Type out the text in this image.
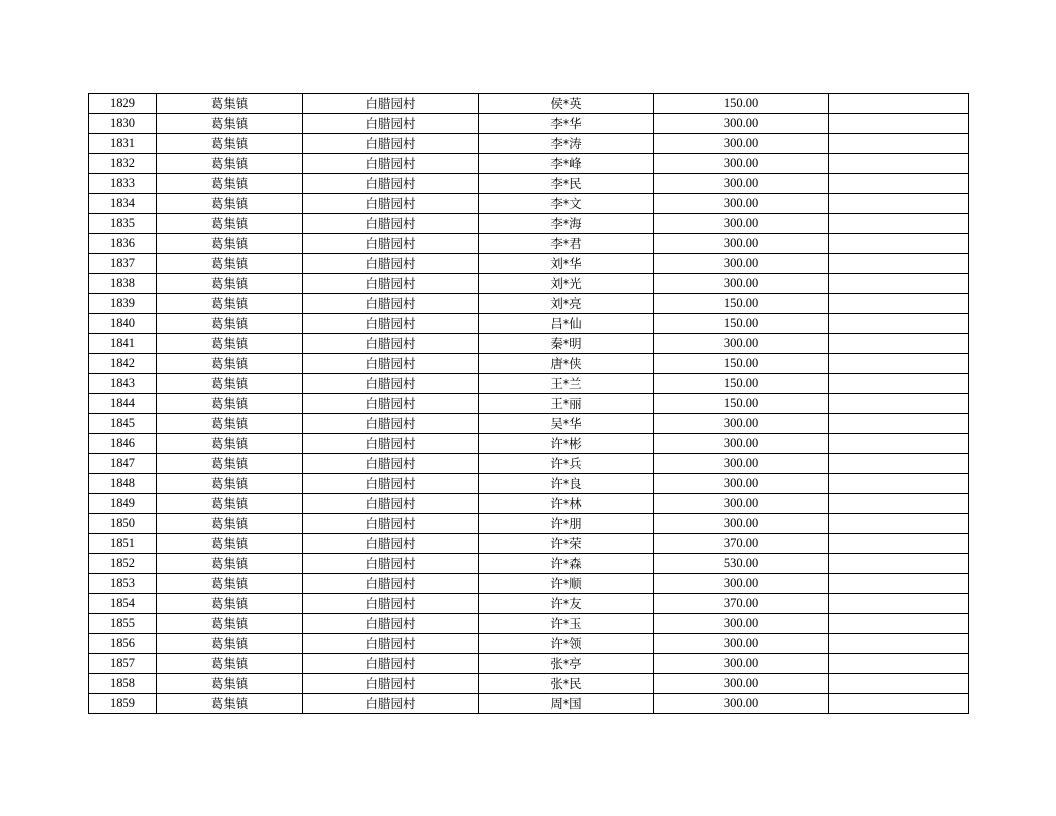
1829	葛集镇	白腊园村	侯*英	150.00	
1830	葛集镇	白腊园村	李*华	300.00	
1831	葛集镇	白腊园村	李*涛	300.00	
1832	葛集镇	白腊园村	李*峰	300.00	
1833	葛集镇	白腊园村	李*民	300.00	
1834	葛集镇	白腊园村	李*文	300.00	
1835	葛集镇	白腊园村	李*海	300.00	
1836	葛集镇	白腊园村	李*君	300.00	
1837	葛集镇	白腊园村	刘*华	300.00	
1838	葛集镇	白腊园村	刘*光	300.00	
1839	葛集镇	白腊园村	刘*亮	150.00	
1840	葛集镇	白腊园村	吕*仙	150.00	
1841	葛集镇	白腊园村	秦*明	300.00	
1842	葛集镇	白腊园村	唐*侠	150.00	
1843	葛集镇	白腊园村	王*兰	150.00	
1844	葛集镇	白腊园村	王*丽	150.00	
1845	葛集镇	白腊园村	吴*华	300.00	
1846	葛集镇	白腊园村	许*彬	300.00	
1847	葛集镇	白腊园村	许*兵	300.00	
1848	葛集镇	白腊园村	许*良	300.00	
1849	葛集镇	白腊园村	许*林	300.00	
1850	葛集镇	白腊园村	许*朋	300.00	
1851	葛集镇	白腊园村	许*荣	370.00	
1852	葛集镇	白腊园村	许*森	530.00	
1853	葛集镇	白腊园村	许*顺	300.00	
1854	葛集镇	白腊园村	许*友	370.00	
1855	葛集镇	白腊园村	许*玉	300.00	
1856	葛集镇	白腊园村	许*领	300.00	
1857	葛集镇	白腊园村	张*亭	300.00	
1858	葛集镇	白腊园村	张*民	300.00	
1859	葛集镇	白腊园村	周*国	300.00	
